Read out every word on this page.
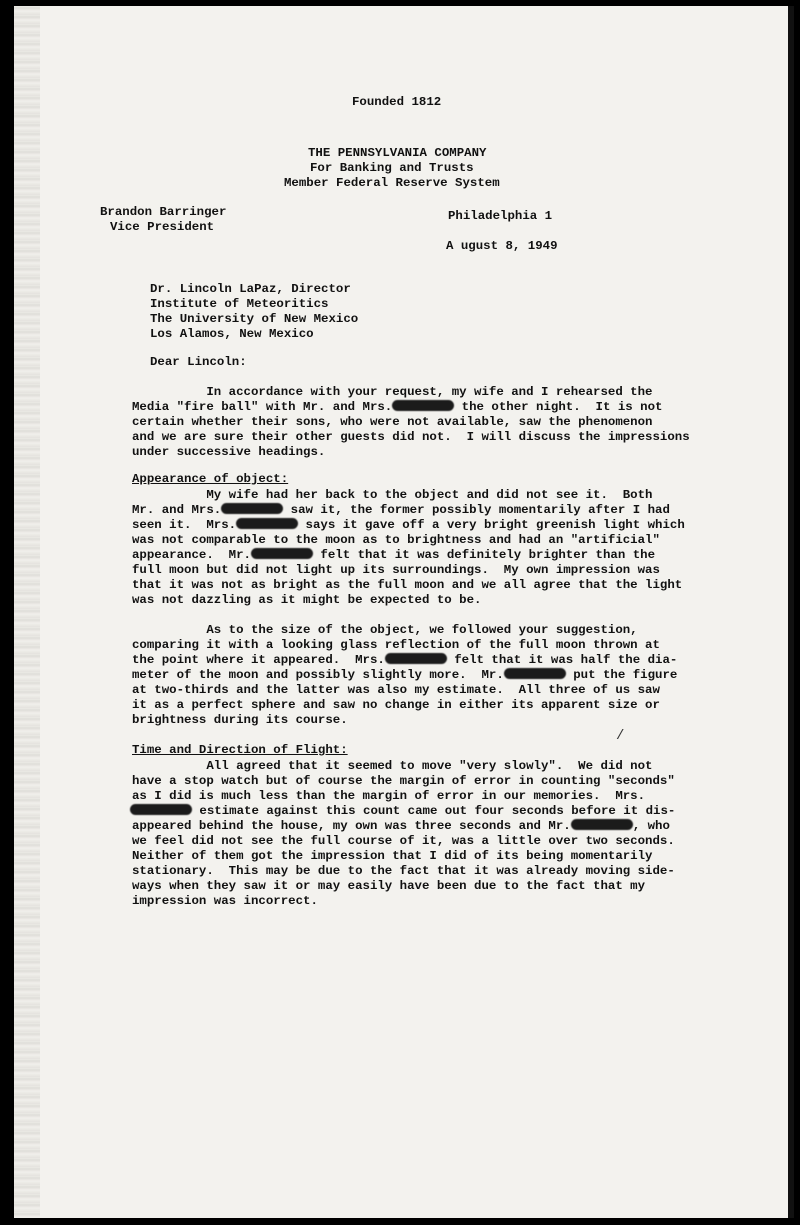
Founded 1812
THE PENNSYLVANIA COMPANY
For Banking and Trusts
Member Federal Reserve System
Brandon Barringer
Vice President
Philadelphia 1
A ugust 8, 1949
Dr. Lincoln LaPaz, Director
Institute of Meteoritics
The University of New Mexico
Los Alamos, New Mexico
Dear Lincoln:
In accordance with your request, my wife and I rehearsed the
Media "fire ball" with Mr. and Mrs.	the other night.  It is not
certain whether their sons, who were not available, saw the phenomenon
and we are sure their other guests did not.  I will discuss the impressions
under successive headings.
Appearance of object:
My wife had her back to the object and did not see it.  Both
Mr. and Mrs.	saw it, the former possibly momentarily after I had
seen it.  Mrs.	says it gave off a very bright greenish light which
was not comparable to the moon as to brightness and had an "artificial"
appearance.  Mr.	felt that it was definitely brighter than the
full moon but did not light up its surroundings.  My own impression was
that it was not as bright as the full moon and we all agree that the light
was not dazzling as it might be expected to be.
As to the size of the object, we followed your suggestion,
comparing it with a looking glass reflection of the full moon thrown at
the point where it appeared.  Mrs.	felt that it was half the dia-
meter of the moon and possibly slightly more.  Mr.	put the figure
at two-thirds and the latter was also my estimate.  All three of us saw
it as a perfect sphere and saw no change in either its apparent size or
brightness during its course.
/
Time and Direction of Flight:
All agreed that it seemed to move "very slowly".  We did not
have a stop watch but of course the margin of error in counting "seconds"
as I did is much less than the margin of error in our memories.  Mrs.
estimate against this count came out four seconds before it dis-
appeared behind the house, my own was three seconds and Mr.	, who
we feel did not see the full course of it, was a little over two seconds.
Neither of them got the impression that I did of its being momentarily
stationary.  This may be due to the fact that it was already moving side-
ways when they saw it or may easily have been due to the fact that my
impression was incorrect.
